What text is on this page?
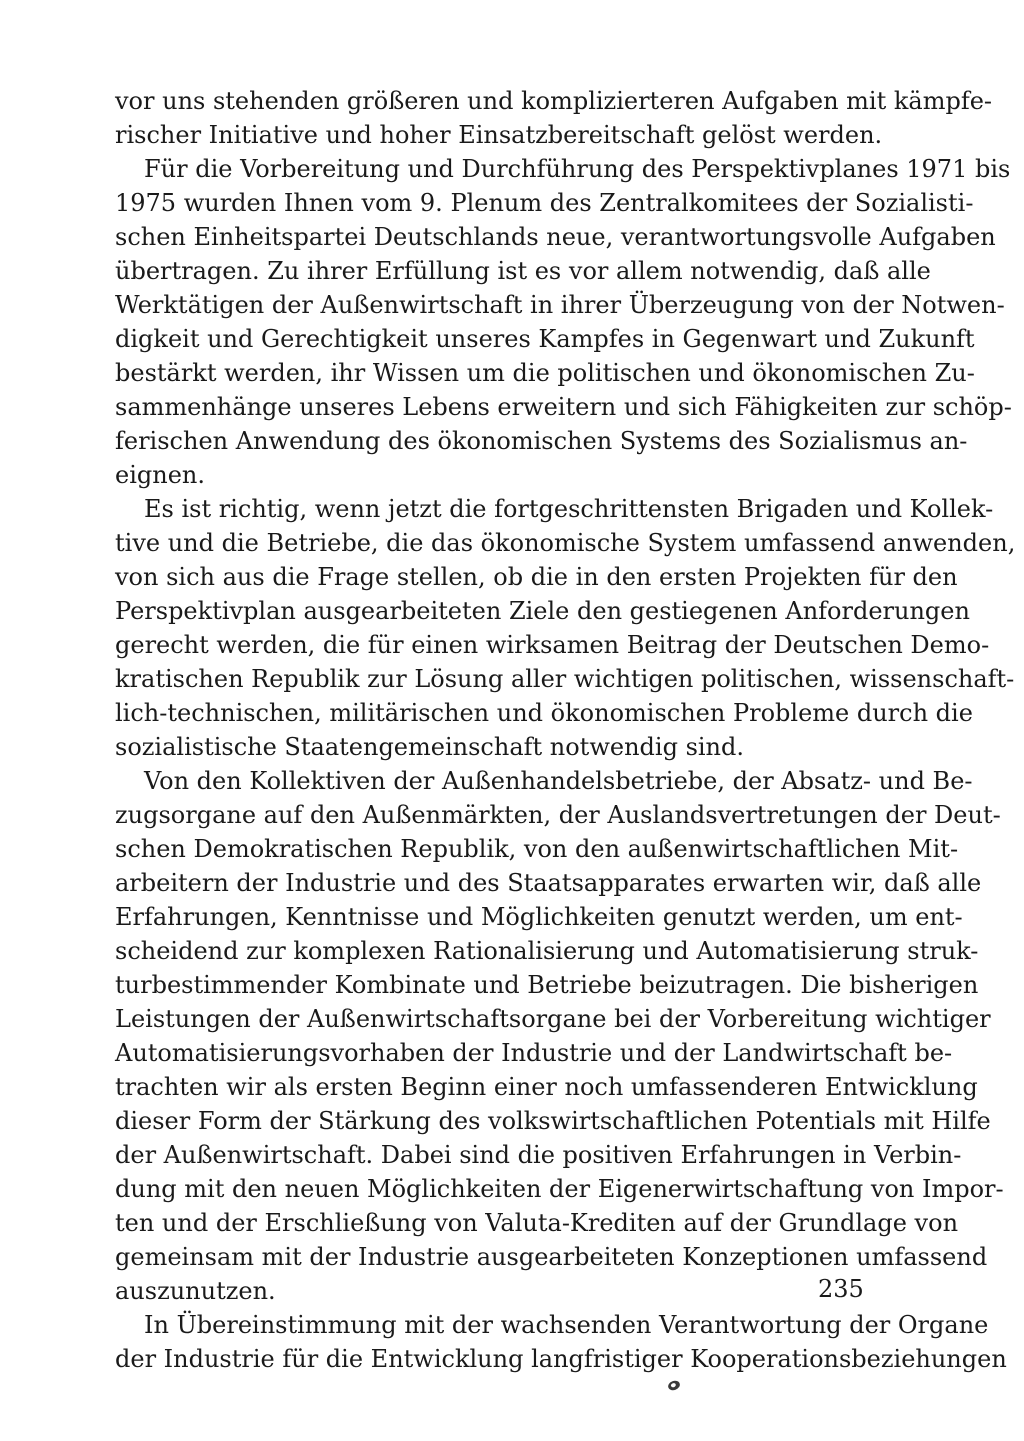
vor uns stehenden größeren und komplizierteren Aufgaben mit kämpfe-
rischer Initiative und hoher Einsatzbereitschaft gelöst werden.
Für die Vorbereitung und Durchführung des Perspektivplanes 1971 bis
1975 wurden Ihnen vom 9. Plenum des Zentralkomitees der Sozialisti-
schen Einheitspartei Deutschlands neue, verantwortungsvolle Aufgaben
übertragen. Zu ihrer Erfüllung ist es vor allem notwendig, daß alle
Werktätigen der Außenwirtschaft in ihrer Überzeugung von der Notwen-
digkeit und Gerechtigkeit unseres Kampfes in Gegenwart und Zukunft
bestärkt werden, ihr Wissen um die politischen und ökonomischen Zu-
sammenhänge unseres Lebens erweitern und sich Fähigkeiten zur schöp-
ferischen Anwendung des ökonomischen Systems des Sozialismus an-
eignen.
Es ist richtig, wenn jetzt die fortgeschrittensten Brigaden und Kollek-
tive und die Betriebe, die das ökonomische System umfassend anwenden,
von sich aus die Frage stellen, ob die in den ersten Projekten für den
Perspektivplan ausgearbeiteten Ziele den gestiegenen Anforderungen
gerecht werden, die für einen wirksamen Beitrag der Deutschen Demo-
kratischen Republik zur Lösung aller wichtigen politischen, wissenschaft-
lich-technischen, militärischen und ökonomischen Probleme durch die
sozialistische Staatengemeinschaft notwendig sind.
Von den Kollektiven der Außenhandelsbetriebe, der Absatz- und Be-
zugsorgane auf den Außenmärkten, der Auslandsvertretungen der Deut-
schen Demokratischen Republik, von den außenwirtschaftlichen Mit-
arbeitern der Industrie und des Staatsapparates erwarten wir, daß alle
Erfahrungen, Kenntnisse und Möglichkeiten genutzt werden, um ent-
scheidend zur komplexen Rationalisierung und Automatisierung struk-
turbestimmender Kombinate und Betriebe beizutragen. Die bisherigen
Leistungen der Außenwirtschaftsorgane bei der Vorbereitung wichtiger
Automatisierungsvorhaben der Industrie und der Landwirtschaft be-
trachten wir als ersten Beginn einer noch umfassenderen Entwicklung
dieser Form der Stärkung des volkswirtschaftlichen Potentials mit Hilfe
der Außenwirtschaft. Dabei sind die positiven Erfahrungen in Verbin-
dung mit den neuen Möglichkeiten der Eigenerwirtschaftung von Impor-
ten und der Erschließung von Valuta-Krediten auf der Grundlage von
gemeinsam mit der Industrie ausgearbeiteten Konzeptionen umfassend
auszunutzen.
In Übereinstimmung mit der wachsenden Verantwortung der Organe
der Industrie für die Entwicklung langfristiger Kooperationsbeziehungen
235
